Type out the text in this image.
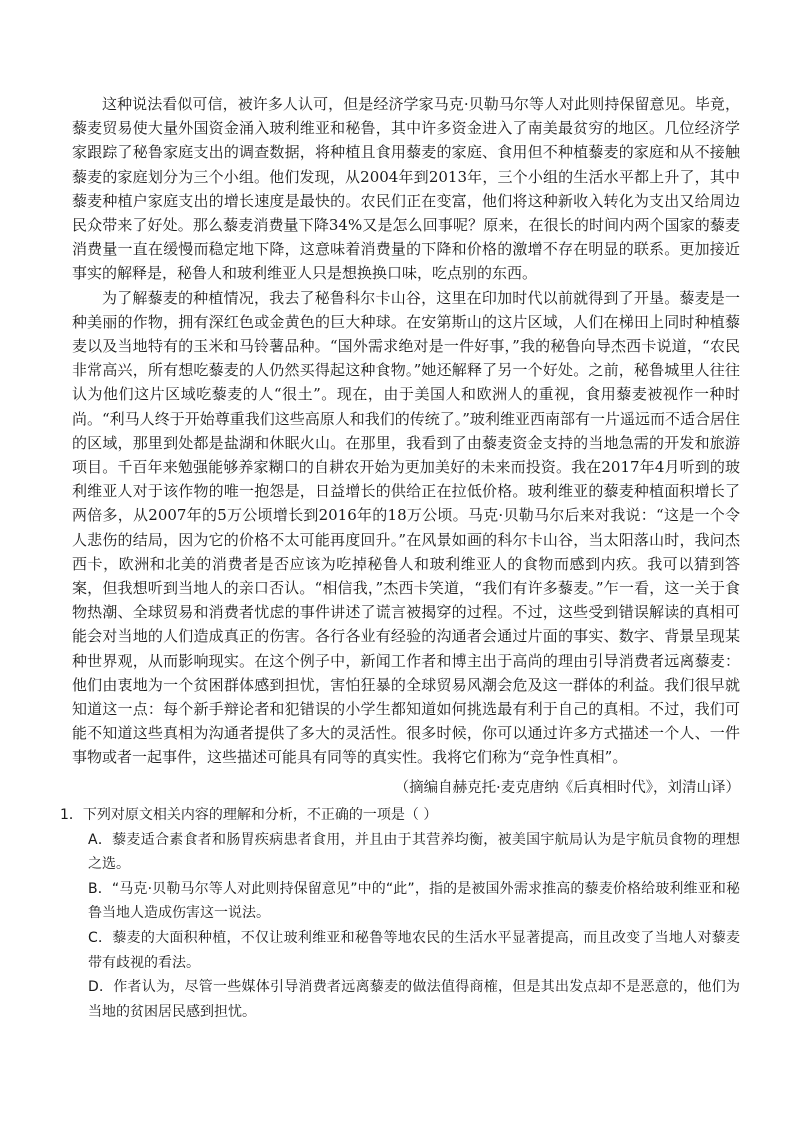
这种说法看似可信，被许多人认可，但是经济学家马克·贝勒马尔等人对此则持保留意见。毕竟，藜麦贸易使大量外国资金涌入玻利维亚和秘鲁，其中许多资金进入了南美最贫穷的地区。几位经济学家跟踪了秘鲁家庭支出的调查数据，将种植且食用藜麦的家庭、食用但不种植藜麦的家庭和从不接触藜麦的家庭划分为三个小组。他们发现，从2004年到2013年，三个小组的生活水平都上升了，其中藜麦种植户家庭支出的增长速度是最快的。农民们正在变富，他们将这种新收入转化为支出又给周边民众带来了好处。那么藜麦消费量下降34%又是怎么回事呢？原来，在很长的时间内两个国家的藜麦消费量一直在缓慢而稳定地下降，这意味着消费量的下降和价格的激增不存在明显的联系。更加接近事实的解释是，秘鲁人和玻利维亚人只是想换换口味，吃点别的东西。

为了解藜麦的种植情况，我去了秘鲁科尔卡山谷，这里在印加时代以前就得到了开垦。藜麦是一种美丽的作物，拥有深红色或金黄色的巨大种球。在安第斯山的这片区域，人们在梯田上同时种植藜麦以及当地特有的玉米和马铃薯品种。“国外需求绝对是一件好事，”我的秘鲁向导杰西卡说道，“农民非常高兴，所有想吃藜麦的人仍然买得起这种食物。”她还解释了另一个好处。之前，秘鲁城里人往往认为他们这片区域吃藜麦的人“很土”。现在，由于美国人和欧洲人的重视，食用藜麦被视作一种时尚。“利马人终于开始尊重我们这些高原人和我们的传统了。”玻利维亚西南部有一片遥远而不适合居住的区域，那里到处都是盐湖和休眠火山。在那里，我看到了由藜麦资金支持的当地急需的开发和旅游项目。千百年来勉强能够养家糊口的自耕农开始为更加美好的未来而投资。我在2017年4月听到的玻利维亚人对于该作物的唯一抱怨是，日益增长的供给正在拉低价格。玻利维亚的藜麦种植面积增长了两倍多，从2007年的5万公顷增长到2016年的18万公顷。马克·贝勒马尔后来对我说：“这是一个令人悲伤的结局，因为它的价格不太可能再度回升。”在风景如画的科尔卡山谷，当太阳落山时，我问杰西卡，欧洲和北美的消费者是否应该为吃掉秘鲁人和玻利维亚人的食物而感到内疚。我可以猜到答案，但我想听到当地人的亲口否认。“相信我，”杰西卡笑道，“我们有许多藜麦。”乍一看，这一关于食物热潮、全球贸易和消费者忧虑的事件讲述了谎言被揭穿的过程。不过，这些受到错误解读的真相可能会对当地的人们造成真正的伤害。各行各业有经验的沟通者会通过片面的事实、数字、背景呈现某种世界观，从而影响现实。在这个例子中，新闻工作者和博主出于高尚的理由引导消费者远离藜麦：他们由衷地为一个贫困群体感到担忧，害怕狂暴的全球贸易风潮会危及这一群体的利益。我们很早就知道这一点：每个新手辩论者和犯错误的小学生都知道如何挑选最有利于自己的真相。不过，我们可能不知道这些真相为沟通者提供了多大的灵活性。很多时候，你可以通过许多方式描述一个人、一件事物或者一起事件，这些描述可能具有同等的真实性。我将它们称为“竞争性真相”。

（摘编自赫克托·麦克唐纳《后真相时代》，刘清山译）

1．下列对原文相关内容的理解和分析，不正确的一项是（ ）

A．藜麦适合素食者和肠胃疾病患者食用，并且由于其营养均衡，被美国宇航局认为是宇航员食物的理想之选。

B．“马克·贝勒马尔等人对此则持保留意见”中的“此”，指的是被国外需求推高的藜麦价格给玻利维亚和秘鲁当地人造成伤害这一说法。

C．藜麦的大面积种植，不仅让玻利维亚和秘鲁等地农民的生活水平显著提高，而且改变了当地人对藜麦带有歧视的看法。

D．作者认为，尽管一些媒体引导消费者远离藜麦的做法值得商榷，但是其出发点却不是恶意的，他们为当地的贫困居民感到担忧。
